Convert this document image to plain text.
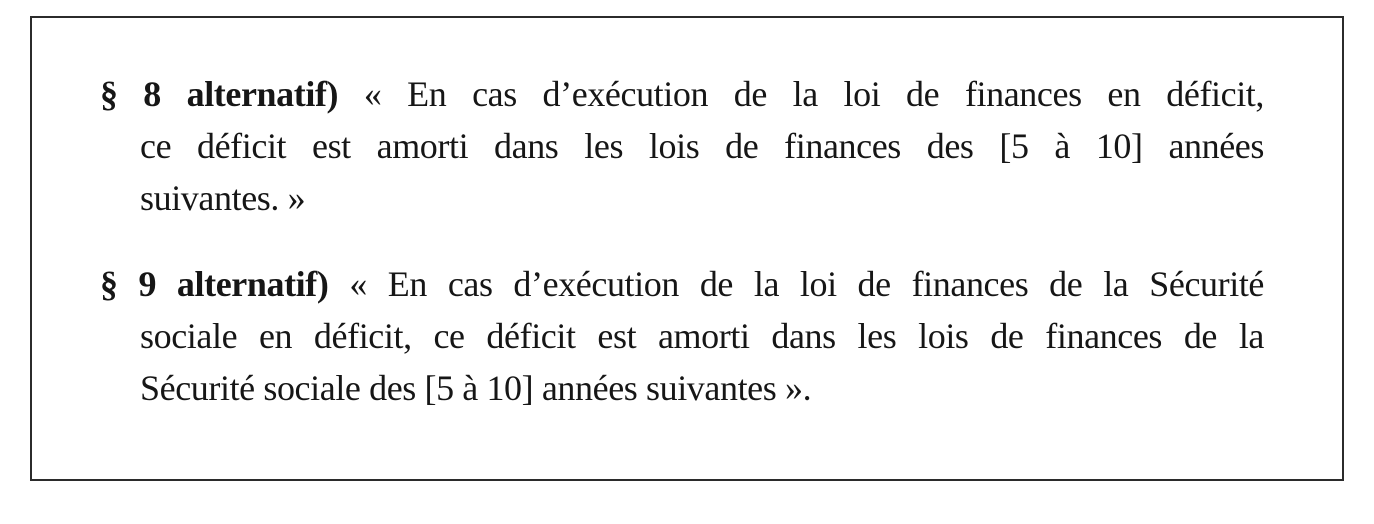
§ 8 alternatif) « En cas d’exécution de la loi de finances en déficit,
ce déficit est amorti dans les lois de finances des [5 à 10] années
suivantes. »
§ 9 alternatif) « En cas d’exécution de la loi de finances de la Sécurité
sociale en déficit, ce déficit est amorti dans les lois de finances de la
Sécurité sociale des [5 à 10] années suivantes ».
